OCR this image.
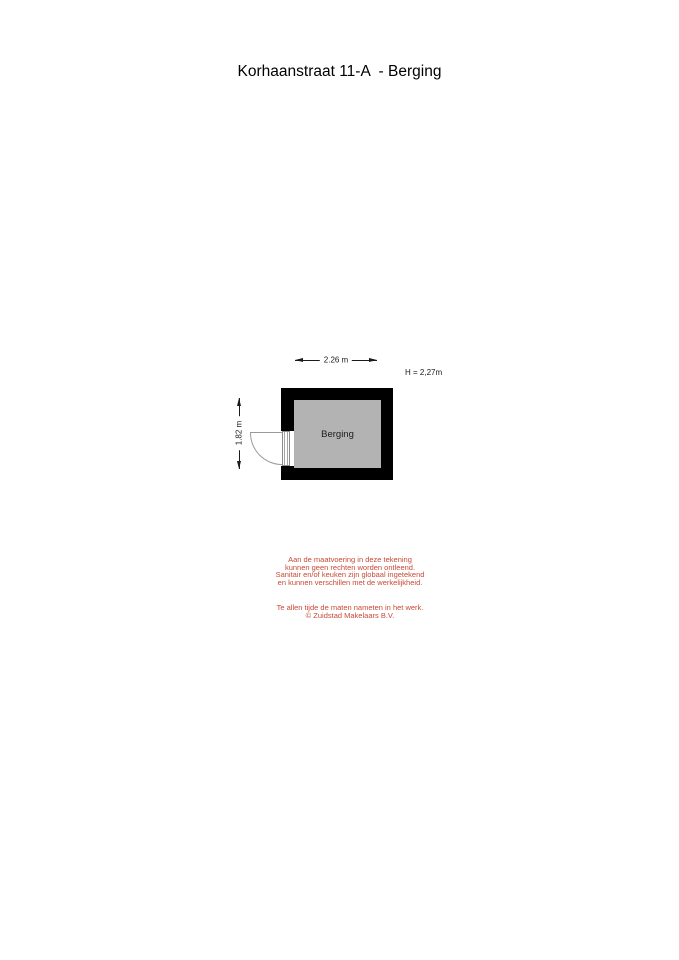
Korhaanstraat 11-A  - Berging
2.26 m
H = 2,27m
1.82 m	Berging
Aan de maatvoering in deze tekening
kunnen geen rechten worden ontleend.
Sanitair en/of keuken zijn globaal ingetekend
en kunnen verschillen met de werkelijkheid.
Te allen tijde de maten nameten in het werk.
© Zuidstad Makelaars B.V.
